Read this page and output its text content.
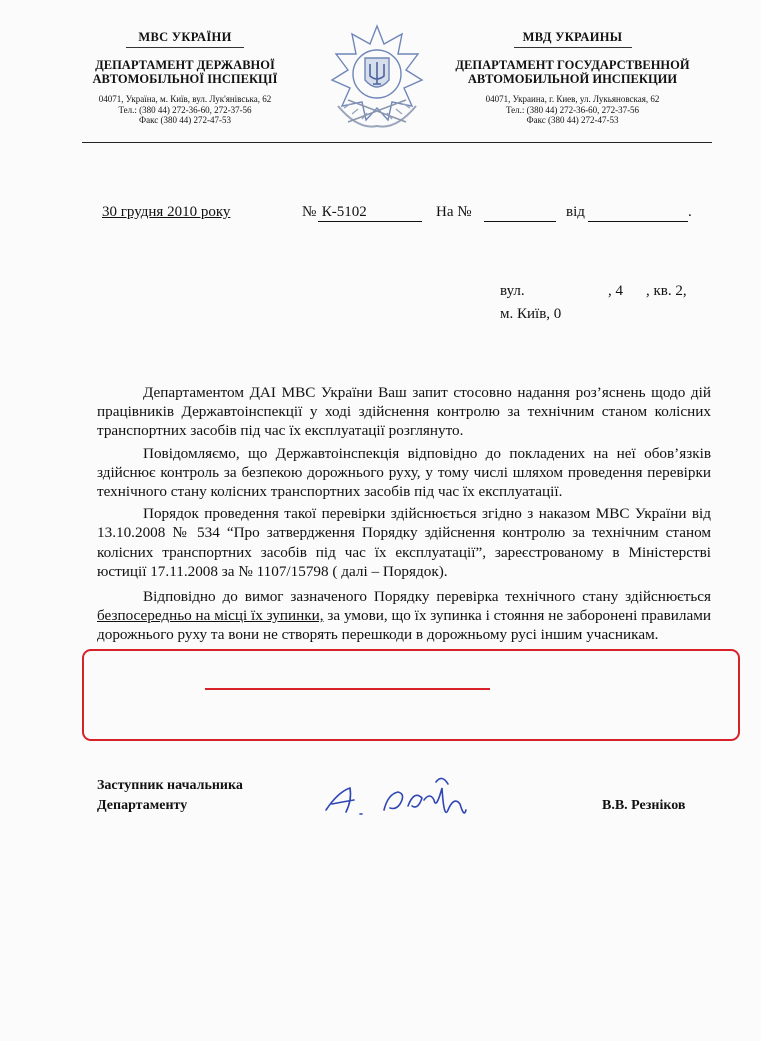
МВС УКРАЇНИ
ДЕПАРТАМЕНТ ДЕРЖАВНОЇ
АВТОМОБІЛЬНОЇ ІНСПЕКЦІЇ
04071, Україна, м. Київ, вул. Лук'янівська, 62
Тел.: (380 44) 272-36-60, 272-37-56
Факс (380 44) 272-47-53
МВД УКРАИНЫ
ДЕПАРТАМЕНТ ГОСУДАРСТВЕННОЙ
АВТОМОБИЛЬНОЙ ИНСПЕКЦИИ
04071, Украина, г. Киев, ул. Лукьяновская, 62
Тел.: (380 44) 272-36-60, 272-37-56
Факс (380 44) 272-47-53
30 грудня 2010 року	№ К-5102	На №	від	.
вул.	, 4 , кв. 2,
м. Київ, 0

Департаментом ДАІ МВС України Ваш запит стосовно надання роз’яснень щодо дій працівників Державтоінспекції у ході здійснення контролю за технічним станом колісних транспортних засобів під час їх експлуатації розглянуто.

Повідомляємо, що Державтоінспекція відповідно до покладених на неї обов’язків здійснює контроль за безпекою дорожнього руху, у тому числі шляхом проведення перевірки технічного стану колісних транспортних засобів під час їх експлуатації.

Порядок проведення такої перевірки здійснюється згідно з наказом МВС України від 13.10.2008 № 534 “Про затвердження Порядку здійснення контролю за технічним станом колісних транспортних засобів під час їх експлуатації”, зареєстрованому в Міністерстві юстиції 17.11.2008 за № 1107/15798 ( далі – Порядок).

Відповідно до вимог зазначеного Порядку перевірка технічного стану здійснюється безпосередньо на місці їх зупинки, за умови, що їх зупинка і стояння не заборонені правилами дорожнього руху та вони не створять перешкоди в дорожньому русі іншим учасникам.

Заступник начальника
Департаменту	В.В. Резніков
